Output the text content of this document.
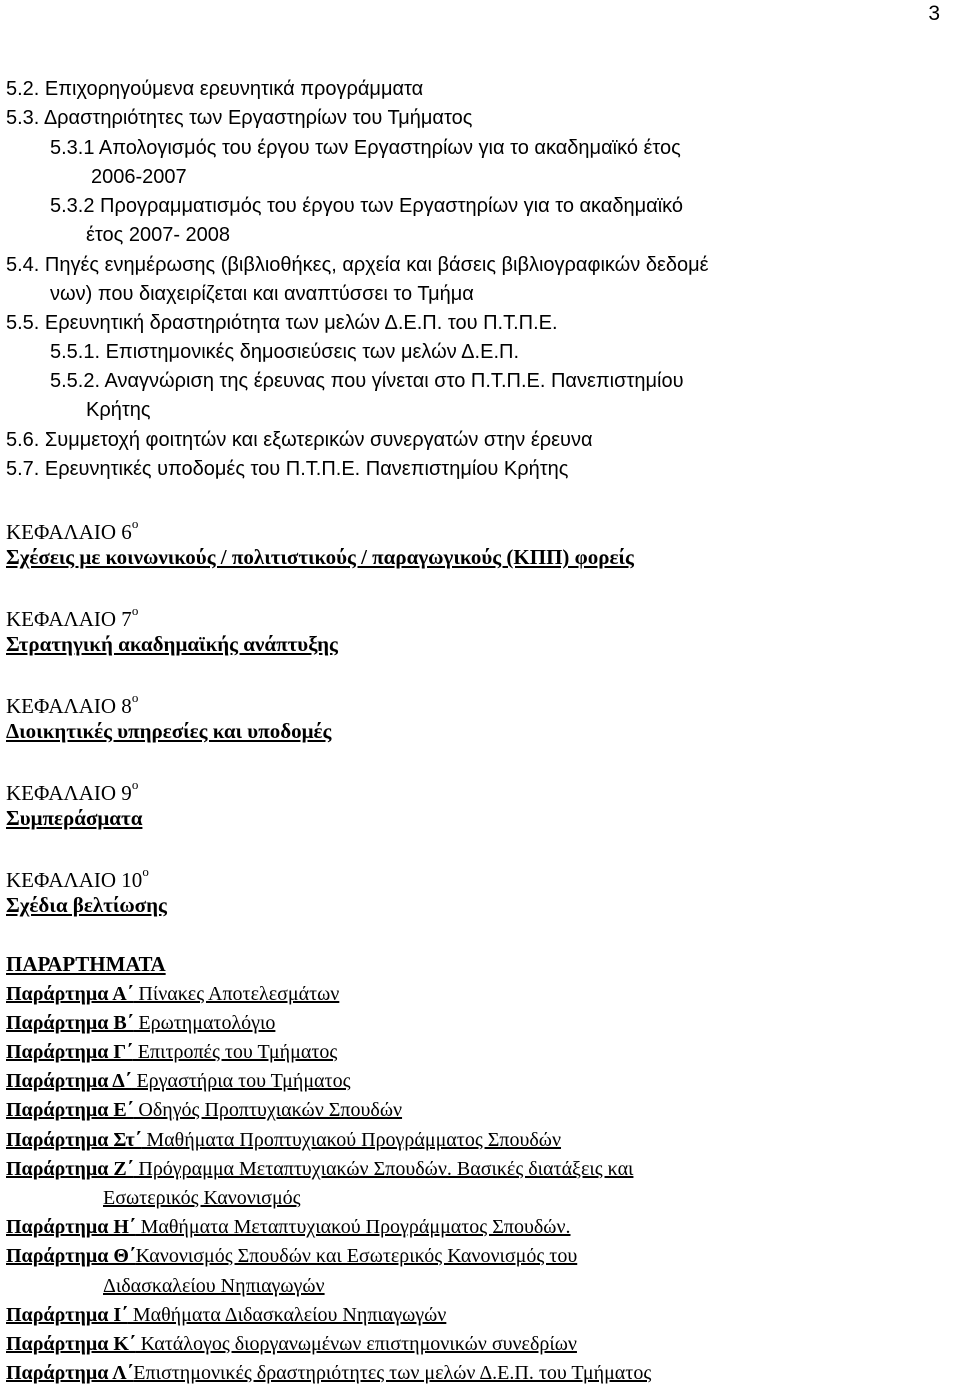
3
5.2. Επιχορηγούμενα ερευνητικά προγράμματα
5.3. Δραστηριότητες των Εργαστηρίων του Τμήματος
5.3.1 Απολογισμός του έργου των Εργαστηρίων για το ακαδημαϊκό έτος
2006-2007
5.3.2 Προγραμματισμός του έργου των Εργαστηρίων για το ακαδημαϊκό
έτος 2007- 2008
5.4. Πηγές ενημέρωσης (βιβλιοθήκες, αρχεία και βάσεις βιβλιογραφικών δεδομέ
νων) που διαχειρίζεται και αναπτύσσει το Τμήμα
5.5. Ερευνητική δραστηριότητα των μελών Δ.Ε.Π. του Π.Τ.Π.Ε.
5.5.1. Επιστημονικές δημοσιεύσεις των μελών Δ.Ε.Π.
5.5.2. Αναγνώριση της έρευνας που γίνεται στο Π.Τ.Π.Ε. Πανεπιστημίου
Κρήτης
5.6. Συμμετοχή φοιτητών και εξωτερικών συνεργατών στην έρευνα
5.7. Ερευνητικές υποδομές του Π.Τ.Π.Ε. Πανεπιστημίου Κρήτης
ΚΕΦΑΛΑΙΟ $6^o$
Σχέσεις με κοινωνικούς / πολιτιστικούς / παραγωγικούς (ΚΠΠ) φορείς
ΚΕΦΑΛΑΙΟ $7^o$
Στρατηγική ακαδημαϊκής ανάπτυξης
ΚΕΦΑΛΑΙΟ $8^o$
Διοικητικές υπηρεσίες και υποδομές
ΚΕΦΑΛΑΙΟ $9^o$
Συμπεράσματα
ΚΕΦΑΛΑΙΟ $10^o$
Σχέδια βελτίωσης
ΠΑΡΑΡΤΗΜΑΤΑ
Παράρτημα Α΄ Πίνακες Αποτελεσμάτων
Παράρτημα Β΄ Ερωτηματολόγιο
Παράρτημα Γ΄ Επιτροπές του Τμήματος
Παράρτημα Δ΄ Εργαστήρια του Τμήματος
Παράρτημα Ε΄ Οδηγός Προπτυχιακών Σπουδών
Παράρτημα Στ΄ Μαθήματα Προπτυχιακού Προγράμματος Σπουδών
Παράρτημα Ζ΄ Πρόγραμμα Μεταπτυχιακών Σπουδών. Βασικές διατάξεις και
Εσωτερικός Κανονισμός
Παράρτημα Η΄ Μαθήματα Μεταπτυχιακού Προγράμματος Σπουδών.
Παράρτημα Θ΄Κανονισμός Σπουδών και Εσωτερικός Κανονισμός του
Διδασκαλείου Νηπιαγωγών
Παράρτημα Ι΄ Μαθήματα Διδασκαλείου Νηπιαγωγών
Παράρτημα Κ΄ Κατάλογος διοργανωμένων επιστημονικών συνεδρίων
Παράρτημα Λ΄Επιστημονικές δραστηριότητες των μελών Δ.Ε.Π. του Τμήματος
